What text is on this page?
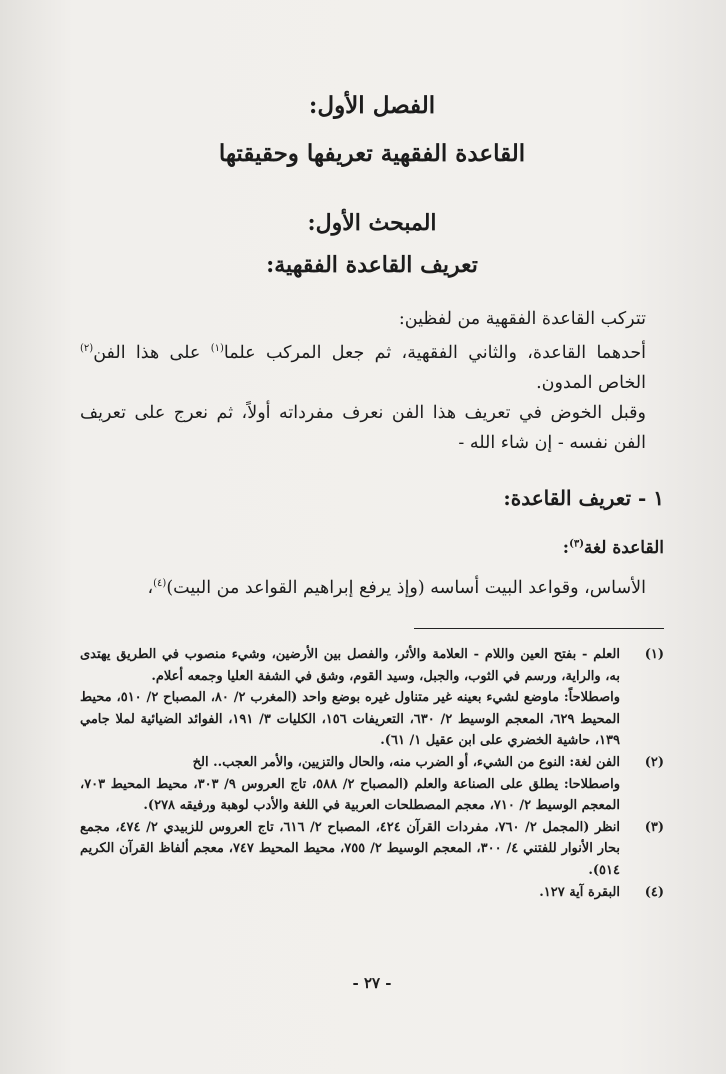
الفصل الأول:
القاعدة الفقهية تعريفها وحقيقتها
المبحث الأول:
تعريف القاعدة الفقهية:

تتركب القاعدة الفقهية من لفظين:

أحدهما القاعدة، والثاني الفقهية، ثم جعل المركب علما$^{(١)}$ على هذا الفن$^{(٢)}$ الخاص المدون.

وقبل الخوض في تعريف هذا الفن نعرف مفرداته أولاً، ثم نعرج على تعريف الفن نفسه - إن شاء الله -

١ - تعريف القاعدة:
القاعدة لغة$^{(٣)}$:
الأساس، وقواعد البيت أساسه (وإذ يرفع إبراهيم القواعد من البيت)$^{(٤)}$،
(١)
العلم - بفتح العين واللام - العلامة والأثر، والفصل بين الأرضين، وشيء منصوب في الطريق يهتدى به، والراية، ورسم في الثوب، والجبل، وسيد القوم، وشق في الشفة العليا وجمعه أعلام.
واصطلاحاً: ماوضع لشيء بعينه غير متناول غيره بوضع واحد (المغرب ٢/ ٨٠، المصباح ٢/ ٥١٠، محيط المحيط ٦٢٩، المعجم الوسيط ٢/ ٦٣٠، التعريفات ١٥٦، الكليات ٣/ ١٩١، الفوائد الضيائية لملا جامي ١٣٩، حاشية الخضري على ابن عقيل ١/ ٦١).
(٢)
الفن لغة: النوع من الشيء، أو الضرب منه، والحال والتزيين، والأمر العجب.. الخ
واصطلاحا: يطلق على الصناعة والعلم (المصباح ٢/ ٥٨٨، تاج العروس ٩/ ٣٠٣، محيط المحيط ٧٠٣، المعجم الوسيط ٢/ ٧١٠، معجم المصطلحات العربية في اللغة والأدب لوهبة ورفيقه ٢٧٨).
(٣)
انظر (المجمل ٢/ ٧٦٠، مفردات القرآن ٤٢٤، المصباح ٢/ ٦١٦، تاج العروس للزبيدي ٢/ ٤٧٤، مجمع بحار الأنوار للفتني ٤/ ٣٠٠، المعجم الوسيط ٢/ ٧٥٥، محيط المحيط ٧٤٧، معجم ألفاظ القرآن الكريم ٥١٤).
(٤)
البقرة آية ١٢٧.
- ٢٧ -
